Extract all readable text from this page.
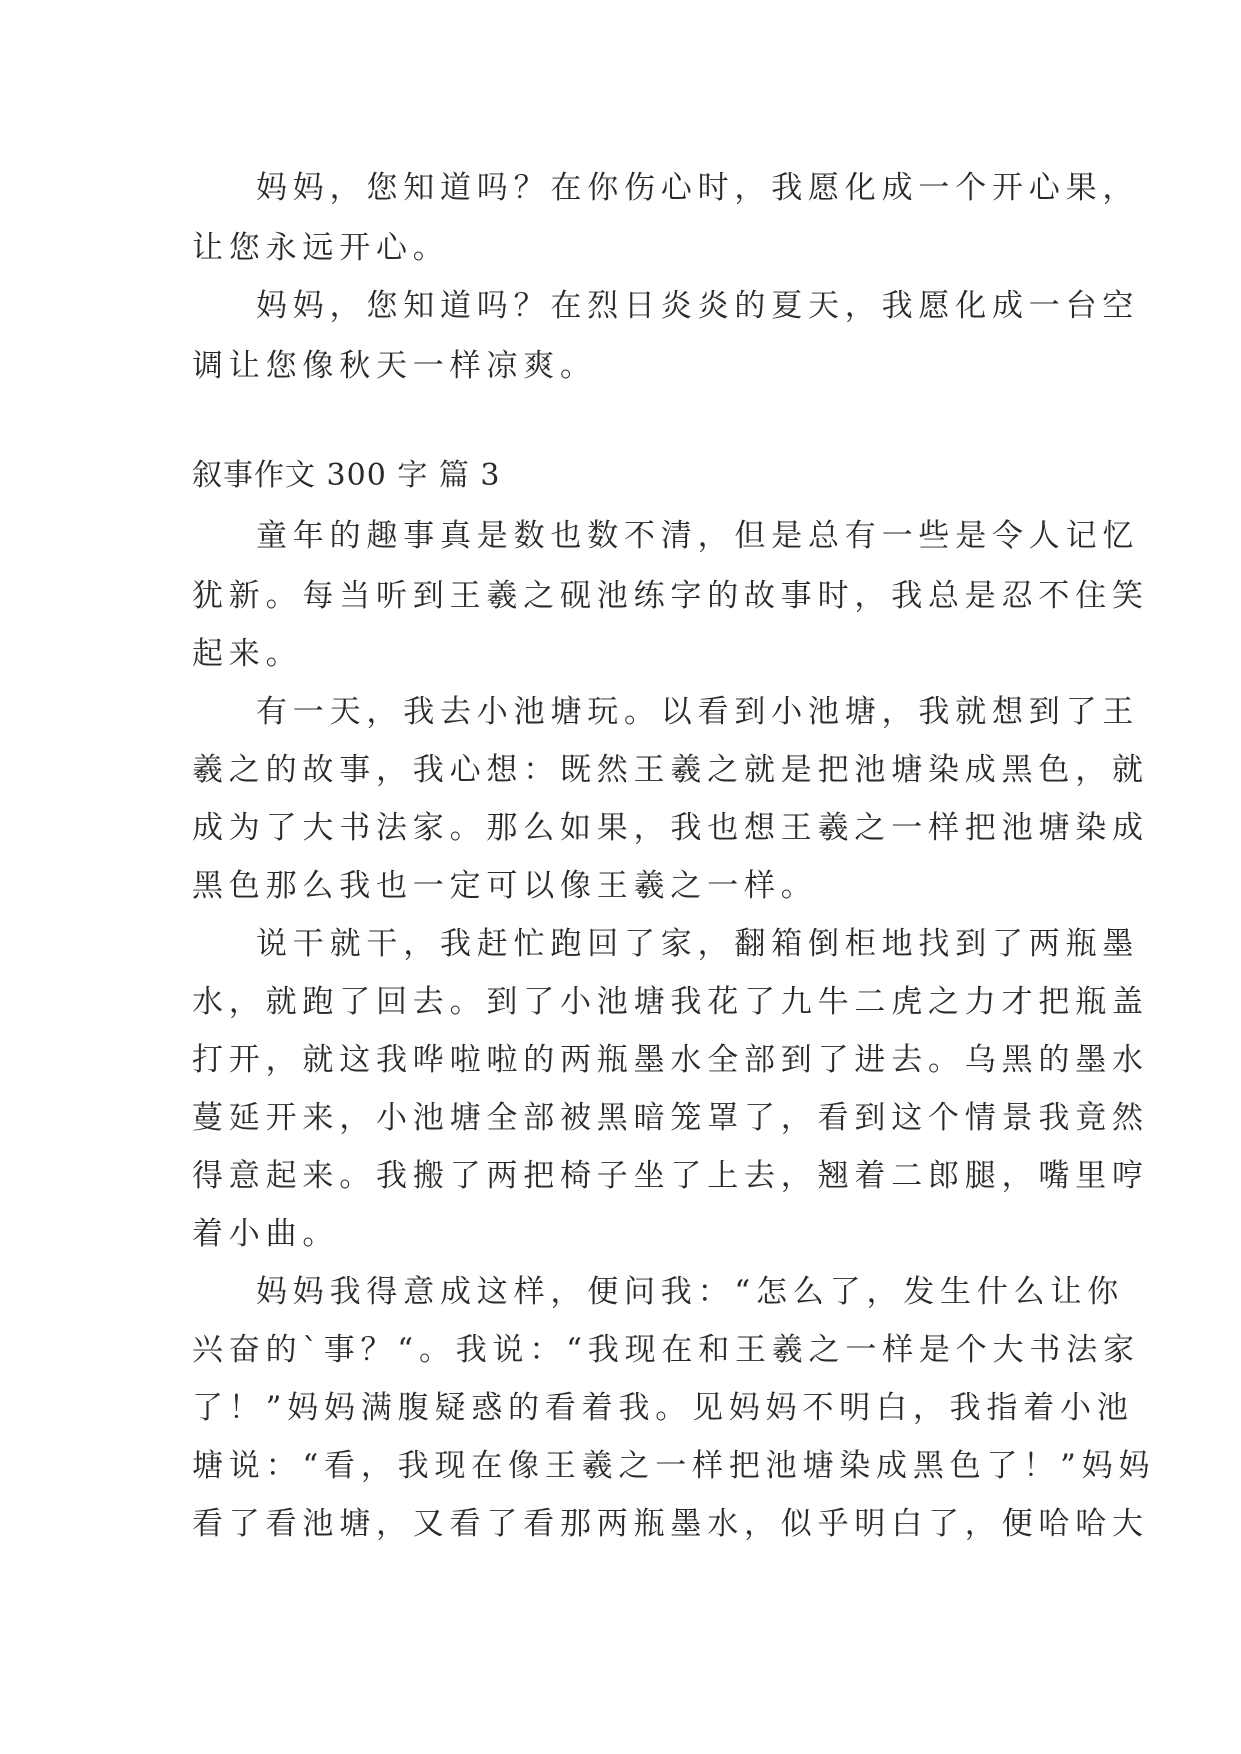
妈妈，您知道吗？在你伤心时，我愿化成一个开心果，
让您永远开心。
妈妈，您知道吗？在烈日炎炎的夏天，我愿化成一台空
调让您像秋天一样凉爽。
叙事作文 300 字 篇 3
童年的趣事真是数也数不清，但是总有一些是令人记忆
犹新。每当听到王羲之砚池练字的故事时，我总是忍不住笑
起来。
有一天，我去小池塘玩。以看到小池塘，我就想到了王
羲之的故事，我心想：既然王羲之就是把池塘染成黑色，就
成为了大书法家。那么如果，我也想王羲之一样把池塘染成
黑色那么我也一定可以像王羲之一样。
说干就干，我赶忙跑回了家，翻箱倒柜地找到了两瓶墨
水，就跑了回去。到了小池塘我花了九牛二虎之力才把瓶盖
打开，就这我哗啦啦的两瓶墨水全部到了进去。乌黑的墨水
蔓延开来，小池塘全部被黑暗笼罩了，看到这个情景我竟然
得意起来。我搬了两把椅子坐了上去，翘着二郎腿，嘴里哼
着小曲。
妈妈我得意成这样，便问我：“怎么了，发生什么让你
兴奋的`事？“。我说：“我现在和王羲之一样是个大书法家
了！”妈妈满腹疑惑的看着我。见妈妈不明白，我指着小池
塘说：“看，我现在像王羲之一样把池塘染成黑色了！”妈妈
看了看池塘，又看了看那两瓶墨水，似乎明白了，便哈哈大
